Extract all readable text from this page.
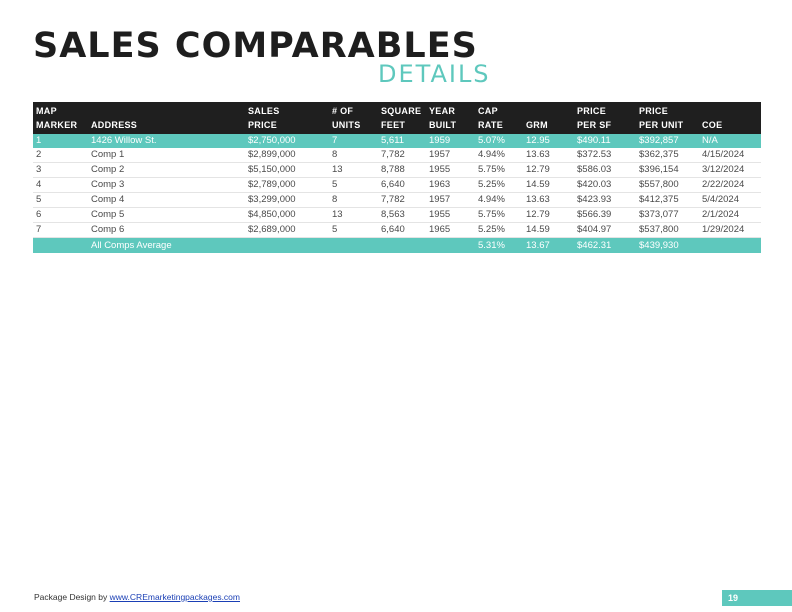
SALES COMPARABLES
DETAILS
MAP		SALES	# OF	SQUARE	YEAR	CAP		PRICE	PRICE	
MARKER	ADDRESS	PRICE	UNITS	FEET	BUILT	RATE	GRM	PER SF	PER UNIT	COE
1	1426 Willow St.	$2,750,000	7	5,611	1959	5.07%	12.95	$490.11	$392,857	N/A
2	Comp 1	$2,899,000	8	7,782	1957	4.94%	13.63	$372.53	$362,375	4/15/2024
3	Comp 2	$5,150,000	13	8,788	1955	5.75%	12.79	$586.03	$396,154	3/12/2024
4	Comp 3	$2,789,000	5	6,640	1963	5.25%	14.59	$420.03	$557,800	2/22/2024
5	Comp 4	$3,299,000	8	7,782	1957	4.94%	13.63	$423.93	$412,375	5/4/2024
6	Comp 5	$4,850,000	13	8,563	1955	5.75%	12.79	$566.39	$373,077	2/1/2024
7	Comp 6	$2,689,000	5	6,640	1965	5.25%	14.59	$404.97	$537,800	1/29/2024
	All Comps Average					5.31%	13.67	$462.31	$439,930	
Package Design by www.CREmarketingpackages.com	19
